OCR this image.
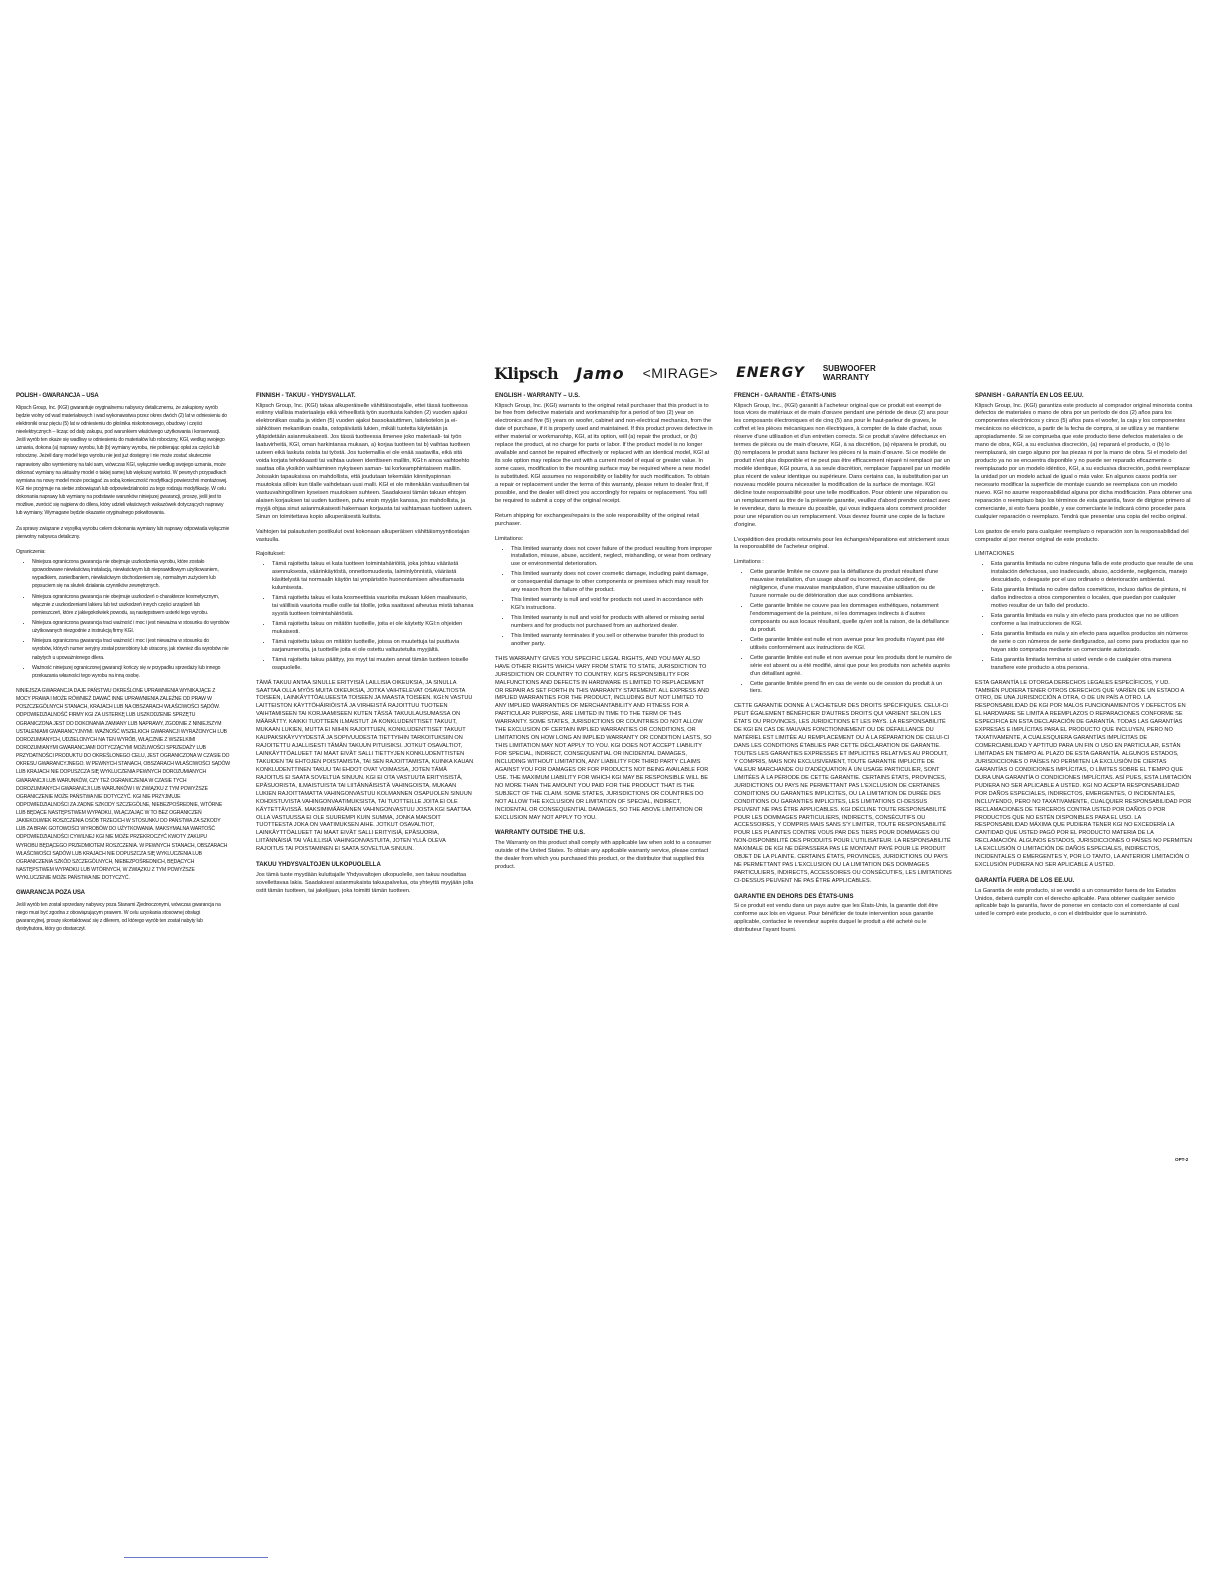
Klipsch Jamo <MIRAGE> ENERGY SUBWOOFER WARRANTY
POLISH - GWARANCJA – USA

Klipsch Group, Inc. (KGI) gwarantuje oryginalnemu nabywcy detalicznemu, że zakupiony wyrób będzie wolny od wad materiałowych i wad wykonawstwa przez okres dwóch (2) lat w odniesieniu do elektroniki oraz pięciu (5) lat w odniesieniu do głośnika niskotonowego, obudowy i części nieelektrycznych – licząc od daty zakupu, pod warunkiem właściwego użytkowania i konserwacji. Jeśli wyrób ten okaże się wadliwy w odniesieniu do materiałów lub robocizny, KGI, według swojego uznania, dokona (a) naprawy wyrobu, lub (b) wymiany wyrobu, nie pobierając opłat za części lub robociznę. Jeżeli dany model tego wyrobu nie jest już dostępny i nie może zostać skutecznie naprawiony albo wymieniony na taki sam, wówczas KGI, wyłącznie według swojego uznania, może dokonać wymiany na aktualny model o takiej samej lub większej wartości. W pewnych przypadkach wymiana na nowy model może pociągać za sobą konieczność modyfikacji powierzchni montażowej. KGI nie przyjmuje na siebie zobowiązań lub odpowiedzialności za tego rodzaju modyfikację. W celu dokonania naprawy lub wymiany na podstawie warunków niniejszej gwarancji, proszę, jeśli jest to możliwe, zwrócić się najpierw do dilera, który udzieli właściwych wskazówek dotyczących naprawy lub wymiany. Wymagane będzie okazanie oryginalnego pokwitowania.

Za sprawy związane z wysyłką wyrobu celem dokonania wymiany lub naprawy odpowiada wyłącznie pierwotny nabywca detaliczny.

Ograniczenia:

• Niniejsza ograniczona gwarancja nie obejmuje uszkodzenia wyrobu, które zostało spowodowane niewłaściwą instalacją, niewłaściwym lub nieprawidłowym użytkowaniem, wypadkiem, zaniedbaniem, niewłaściwym obchodzeniem się, normalnym zużyciem lub popsuciem się na skutek działania czynników zewnętrznych.
• Niniejsza ograniczona gwarancja nie obejmuje uszkodzeń o charakterze kosmetycznym, włącznie z uszkodzeniami lakieru lub też uszkodzeń innych części urządzeń lub pomieszczeń, które z jakiegokolwiek powodu, są następstwem usterki tego wyrobu.
• Niniejsza ograniczona gwarancja traci ważność i moc i jest nieważna w stosunku do wyrobów użytkowanych niezgodnie z instrukcją firmy KGI.
• Niniejsza ograniczona gwarancja traci ważność i moc i jest nieważna w stosunku do wyrobów, których numer seryjny został przerobiony lub utracony, jak również dla wyrobów nie nabytych u upoważnionego dilera.
• Ważność niniejszej ograniczonej gwarancji kończy się w przypadku sprzedaży lub innego przekazania własności tego wyrobu na inną osobę.

NINIEJSZA GWARANCJA DAJE PAŃSTWU OKREŚLONE UPRAWNIENIA WYNIKAJĄCE Z MOCY PRAWA I MOŻE RÓWNIEŻ DAWAĆ INNE UPRAWNIENIA ZALEŻNE OD PRAW W POSZCZEGÓLNYCH STANACH, KRAJACH LUB NA OBSZARACH WŁAŚCIWOŚCI SĄDÓW. ODPOWIEDZIALNOŚĆ FIRMY KGI ZA USTERKĘ LUB USZKODZENIE SPRZĘTU OGRANICZONA JEST DO DOKONANIA ZAMIANY LUB NAPRAWY, ZGODNIE Z NINIEJSZYM USTALENIAMI GWARANCYJNYMI. WAŻNOŚĆ WSZELKICH GWARANCJI WYRAŻONYCH LUB DOROZUMIANYCH, UDZIELONYCH NA TEN WYRÓB, WŁĄCZNIE Z WSZELKIMI DOROZUMIANYMI GWARANCJAMI DOTYCZĄCYMI MOŻLIWOŚCI SPRZEDAŻY LUB PRZYDATNOŚCI PRODUKTU DO OKREŚLONEGO CELU, JEST OGRANICZONA W CZASIE DO OKRESU GWARANCYJNEGO. W PEWNYCH STANACH, OBSZARACH WŁAŚCIWOŚCI SĄDÓW LUB KRAJACH NIE DOPUSZCZA SIĘ WYKLUCZENIA PEWNYCH DOROZUMIANYCH GWARANCJI LUB WARUNKÓW, CZY TEŻ OGRANICZENIA W CZASIE TYCH DOROZUMIANYCH GWARANCJI LUB WARUNKÓW I W ZWIĄZKU Z TYM POWYŻSZE OGRANICZENIE MOŻE PAŃSTWA NIE DOTYCZYĆ. KGI NIE PRZYJMUJE ODPOWIEDZIALNOŚCI ZA ZADNE SZKODY SZCZEGÓLNE, NIEBEZPOŚREDNIE, WTÓRNE LUB BĘDĄCE NASTĘPSTWEM WYPADKU, WŁĄCZAJĄC W TO BEZ OGRANICZEŃ JAKIEKOLWIEK ROSZCZENIA OSÓB TRZECICH W STOSUNKU DO PAŃSTWA ZA SZKODY LUB ZA BRAK GOTOWOŚCI WYROBÓW DO UŻYTKOWANIA. MAKSYMALNA WARTOŚĆ ODPOWIEDZIALNOŚCI CYWILNEJ KGI NIE MOŻE PRZEKROCZYĆ KWOTY ZAKUPU WYROBU BĘDĄCEGO PRZEDMIOTEM ROSZCZENIA. W PEWNYCH STANACH, OBSZARACH WŁAŚCIWOŚCI SĄDÓW LUB KRAJACH NIE DOPUSZCZA SIĘ WYKLUCZENIA LUB OGRANICZENIA SZKÓD SZCZEGÓLNYCH, NIEBEZPOŚREDNICH, BĘDĄCYCH NASTĘPSTWEM WYPADKU LUB WTÓRNYCH, W ZWIĄZKU Z TYM POWYŻSZE WYKLUCZENIE MOŻE PAŃSTWA NIE DOTYCZYĆ.

GWARANCJA POZA USA

Jeśli wyrób ten został sprzedany nabywcy poza Stanami Zjednoczonymi, wówczas gwarancja na niego musi być zgodna z obowiązującym prawem. W celu uzyskania stosownej obsługi gwarancyjnej, proszę skontaktować się z dilerem, od którego wyrób ten został nabyty lub dystrybutora, który go dostarczył.

FINNISH - TAKUU - YHDYSVALLAT.

Klipsch Group, Inc. (KGI) takaa alkuperäiselle vähittäisostajalle, ettei tässä tuotteessa esiinny viallisia materiaaleja eikä virheellistä työn suoritusta kahden (2) vuoden ajaksi elektroniikan osalta ja viiden (5) vuoden ajaksi bassokaiuttimen, laitekotelon ja ei-sähköisen mekaniikan osalta, ostopäivästä lukien, mikäli tuotetta käytetään ja ylläpidetään asianmukaisesti. Jos tässä tuotteessa ilmenee joko materiaali- tai työn laatuvirheitä, KGI, oman harkintansa mukaan, a) korjaa tuotteen tai b) vaihtaa tuotteen uuteen eikä laskuta osista tai työstä. Jos tuotemallia ei ole enää saatavilla, eikä sitä voida korjata tehokkaasti tai vaihtaa uuteen identtiseen malliin, KGI:n ainoa vaihtoehto saattaa olla yksikön vaihtaminen nykyiseen saman- tai korkeamphintaiseen malliin. Joissakin tapauksissa on mahdollista, että joudutaan tekemään kiinnityspinnan muutoksia silloin kun tilalle vaihdetaan uusi malli. KGI ei ole mitenkään vastuullinen tai vastuuvahingollinen kyseisen muutoksen suhteen. Saadaksesi tämän takuun ehtojen alaisen korjauksen tai uuden tuotteen, puhu ensin myyjän kanssa, jos mahdollista, ja myyjä ohjaa sinut asianmukaisesti hakemaan korjausta tai vaihtamaan tuotteen uuteen. Sinun on toimitettava kopio alkuperäisestä kuitista.

Vaihtojen tai palautusten postikulut ovat kokonaan alkuperäisen vähittäismyyntiostajan vastuulla.

Rajoitukset:

• Tämä rajoitettu takuu ei kata tuotteen toimintahäiriöitä, joka johtuu väärästä asennuksesta, väärinkäytöstä, onnettomuudesta, laiminlyönnistä, väärästä käsittelystä tai normaalin käytön tai ympäristön huonontumisen aiheuttamasta kulumisesta.
• Tämä rajoitettu takuu ei kata kosmeettisia vaurioita mukaan lukien maalivaurio, tai välillisiä vaurioita muille osille tai tiloille, jotka saattavat aiheutua mistä tahansa syystä tuotteen toimintahäiriöstä.
• Tämä rajoitettu takuu on mitätön tuotteille, joita ei ole käytetty KGI:n ohjeiden mukaisesti.
• Tämä rajoitettu takuu on mitätön tuotteille, joissa on muutettuja tai puuttuvia sarjanumeroita, ja tuotteille joita ei ole ostettu valtuutetulta myyjältä.
• Tämä rajoitettu takuu päättyy, jos myyt tai muuten annat tämän tuotteen toiselle osapuolelle.

TÄMÄ TAKUU ANTAA SINULLE ERITYISIÄ LAILLISIA OIKEUKSIA, JA SINULLA SAATTAA OLLA MYÖS MUITA OIKEUKSIA, JOTKA VAIHTELEVAT OSAVALTIOSTA TOISEEN, LAINKÄYTTÖALUEESTA TOISEEN JA MAASTA TOISEEN. KGI:N VASTUU LAITTEISTON KÄYTTÖHÄIRIÖISTÄ JA VIRHEISTÄ RAJOITTUU TUOTEEN VAIHTAMISEEN TAI KORJAAMISEEN KUTEN TÄSSÄ TAKUULAUSUMASSA ON MÄÄRÄTTY. KAIKKI TUOTTEEN ILMAISTUT JA KONKLUDENTTISET TAKUUT, MUKAAN LUKIEN, MUTTA EI NIIHIN RAJOITTUEN, KONKLUDENTTISET TAKUUT KAUPAKSIKÄYVYYDESTÄ JA SOPIVUUDESTA TIETTYIHIN TARKOITUKSIIN ON RAJOITETTU AJALLISESTI TÄMÄN TAKUUN PITUISIKSI. JOTKUT OSAVALTIOT, LAINKÄYTTÖALUEET TAI MAAT EIVÄT SALLI TIETTYJEN KONKLUDENTTISTEN TAKUIDEN TAI EHTOJEN POISTAMISTA, TAI SEN RAJOITTAMISTA, KUINKA KAUAN KONKLUDENTTINEN TAKUU TAI EHDOT OVAT VOIMASSA, JOTEN TÄMÄ RAJOITUS EI SAATA SOVELTUA SINUUN. KGI EI OTA VASTUUTA ERITYISISTÄ, EPÄSUORISTA, ILMAISTUISTA TAI LIITÄNNÄISISTÄ VAHINGOISTA, MUKAAN LUKIEN RAJOITTAMATTA VAHINGONVASTUU KOLMANNEN OSAPUOLEN SINUUN KOHDISTUVISTA VAHINGONVAATIMUKSISTA, TAI TUOTTEILLE JOITA EI OLE KÄYTETTÄVISSÄ. MAKSIMIMÄÄRÄINEN VAHINGONVASTUU JOSTA KGI SAATTAA OLLA VASTUUSSA EI OLE SUUREMPI KUIN SUMMA, JONKA MAKSOIT TUOTTEESTA JOKA ON VAATIMUKSEN AIHE. JOTKUT OSAVALTIOT, LAINKÄYTTÖALUEET TAI MAAT EIVÄT SALLI ERITYISIÄ, EPÄSUORIA, LIITÄNNÄISIÄ TAI VÄLILLISIÄ VAHINGONVASTUITA, JOTEN YLLÄ OLEVA RAJOITUS TAI POISTAMINEN EI SAATA SOVELTUA SINUUN.

TAKUU YHDYSVALTOJEN ULKOPUOLELLA

Jos tämä tuote myydään kuluttajalle Yhdysvaltojen ulkopuolelle, sen takuu noudattaa sovellettavaa lakia. Saadaksesi asianmukaista takuupalvelua, ota yhteyttä myyjään jolta ostit tämän tuotteen, tai jakelijaan, joka toimitti tämän tuotteen.

ENGLISH - WARRANTY – U.S.

Klipsch Group, Inc. (KGI) warrants to the original retail purchaser that this product is to be free from defective materials and workmanship for a period of two (2) year on electronics and five (5) years on woofer, cabinet and non-electrical mechanics, from the date of purchase, if it is properly used and maintained. If this product proves defective in either material or workmanship, KGI, at its option, will (a) repair the product, or (b) replace the product, at no charge for parts or labor. If the product model is no longer available and cannot be repaired effectively or replaced with an identical model, KGI at its sole option may replace the unit with a current model of equal or greater value. In some cases, modification to the mounting surface may be required where a new model is substituted. KGI assumes no responsibility or liability for such modification. To obtain a repair or replacement under the terms of this warranty, please return to dealer first, if possible, and the dealer will direct you accordingly for repairs or replacement. You will be required to submit a copy of the original receipt.

Return shipping for exchanges/repairs is the sole responsibility of the original retail purchaser.

Limitations:

• This limited warranty does not cover failure of the product resulting from improper installation, misuse, abuse, accident, neglect, mishandling, or wear from ordinary use or environmental deterioration.
• This limited warranty does not cover cosmetic damage, including paint damage, or consequential damage to other components or premises which may result for any reason from the failure of the product.
• This limited warranty is null and void for products not used in accordance with KGI's instructions.
• This limited warranty is null and void for products with altered or missing serial numbers and for products not purchased from an authorized dealer.
• This limited warranty terminates if you sell or otherwise transfer this product to another party.

THIS WARRANTY GIVES YOU SPECIFIC LEGAL RIGHTS, AND YOU MAY ALSO HAVE OTHER RIGHTS WHICH VARY FROM STATE TO STATE, JURISDICTION TO JURISDICTION OR COUNTRY TO COUNTRY. KGI'S RESPONSIBILITY FOR MALFUNCTIONS AND DEFECTS IN HARDWARE IS LIMITED TO REPLACEMENT OR REPAIR AS SET FORTH IN THIS WARRANTY STATEMENT. ALL EXPRESS AND IMPLIED WARRANTIES FOR THE PRODUCT, INCLUDING BUT NOT LIMITED TO ANY IMPLIED WARRANTIES OF MERCHANTABILITY AND FITNESS FOR A PARTICULAR PURPOSE, ARE LIMITED IN TIME TO THE TERM OF THIS WARRANTY. SOME STATES, JURISDICTIONS OR COUNTRIES DO NOT ALLOW THE EXCLUSION OF CERTAIN IMPLIED WARRANTIES OR CONDITIONS, OR LIMITATIONS ON HOW LONG AN IMPLIED WARRANTY OR CONDITION LASTS, SO THIS LIMITATION MAY NOT APPLY TO YOU. KGI DOES NOT ACCEPT LIABILITY FOR SPECIAL, INDIRECT, CONSEQUENTIAL OR INCIDENTAL DAMAGES, INCLUDING WITHOUT LIMITATION, ANY LIABILITY FOR THIRD PARTY CLAIMS AGAINST YOU FOR DAMAGES OR FOR PRODUCTS NOT BEING AVAILABLE FOR USE. THE MAXIMUM LIABILITY FOR WHICH KGI MAY BE RESPONSIBLE WILL BE NO MORE THAN THE AMOUNT YOU PAID FOR THE PRODUCT THAT IS THE SUBJECT OF THE CLAIM. SOME STATES, JURISDICTIONS OR COUNTRIES DO NOT ALLOW THE EXCLUSION OR LIMITATION OF SPECIAL, INDIRECT, INCIDENTAL OR CONSEQUENTIAL DAMAGES, SO THE ABOVE LIMITATION OR EXCLUSION MAY NOT APPLY TO YOU.

WARRANTY OUTSIDE THE U.S.

The Warranty on this product shall comply with applicable law when sold to a consumer outside of the United States. To obtain any applicable warranty service, please contact the dealer from which you purchased this product, or the distributor that supplied this product.

FRENCH - GARANTIE - ÉTATS-UNIS

Klipsch Group, Inc., (KGI) garantit à l'acheteur original que ce produit est exempt de tous vices de matériaux et de main d'œuvre pendant une période de deux (2) ans pour les composants électroniques et de cinq (5) ans pour le haut-parleur de graves, le coffret et les pièces mécaniques non électriques, à compter de la date d'achat, sous réserve d'une utilisation et d'un entretien corrects. Si ce produit s'avère défectueux en termes de pièces ou de main d'œuvre, KGI, à sa discrétion, (a) réparera le produit, ou (b) remplacera le produit sans facturer les pièces ni la main d'œuvre. Si ce modèle de produit n'est plus disponible et ne peut pas être efficacement réparé ni remplacé par un modèle identique, KGI pourra, à sa seule discrétion, remplacer l'appareil par un modèle plus récent de valeur identique ou supérieure. Dans certains cas, la substitution par un nouveau modèle pourra nécessiter la modification de la surface de montage. KGI décline toute responsabilité pour une telle modification. Pour obtenir une réparation ou un remplacement au titre de la présente garantie, veuillez d'abord prendre contact avec le revendeur, dans la mesure du possible, qui vous indiquera alors comment procéder pour une réparation ou un remplacement. Vous devrez fournir une copie de la facture d'origine.

L'expédition des produits retournés pour les échanges/réparations est strictement sous la responsabilité de l'acheteur original.

Limitations :

• Cette garantie limitée ne couvre pas la défaillance du produit résultant d'une mauvaise installation, d'un usage abusif ou incorrect, d'un accident, de négligence, d'une mauvaise manipulation, d'une mauvaise utilisation ou de l'usure normale ou de détérioration due aux conditions ambiantes.
• Cette garantie limitée ne couvre pas les dommages esthétiques, notamment l'endommagement de la peinture, ni les dommages indirects à d'autres composants ou aux locaux résultant, quelle qu'en soit la raison, de la défaillance du produit.
• Cette garantie limitée est nulle et non avenue pour les produits n'ayant pas été utilisés conformément aux instructions de KGI.
• Cette garantie limitée est nulle et non avenue pour les produits dont le numéro de série est absent ou a été modifié, ainsi que pour les produits non achetés auprès d'un détaillant agréé.
• Cette garantie limitée prend fin en cas de vente ou de cession du produit à un tiers.

CETTE GARANTIE DONNE À L'ACHETEUR DES DROITS SPÉCIFIQUES. CELUI-CI PEUT ÉGALEMENT BÉNÉFICIER D'AUTRES DROITS QUI VARIENT SELON LES ÉTATS OU PROVINCES, LES JURIDICTIONS ET LES PAYS. LA RESPONSABILITÉ DE KGI EN CAS DE MAUVAIS FONCTIONNEMENT OU DE DÉFAILLANCE DU MATÉRIEL EST LIMITÉE AU REMPLACEMENT OU À LA RÉPARATION DE CELUI-CI DANS LES CONDITIONS ÉTABLIES PAR CETTE DÉCLARATION DE GARANTIE. TOUTES LES GARANTIES EXPRESSES ET IMPLICITES RELATIVES AU PRODUIT, Y COMPRIS, MAIS NON EXCLUSIVEMENT, TOUTE GARANTIE IMPLICITE DE VALEUR MARCHANDE OU D'ADÉQUATION À UN USAGE PARTICULIER, SONT LIMITÉES À LA PÉRIODE DE CETTE GARANTIE. CERTAINS ÉTATS, PROVINCES, JURIDICTIONS OU PAYS NE PERMETTANT PAS L'EXCLUSION DE CERTAINES CONDITIONS OU GARANTIES IMPLICITES, OU LA LIMITATION DE DURÉE DES CONDITIONS OU GARANTIES IMPLICITES, LES LIMITATIONS CI-DESSUS PEUVENT NE PAS ÊTRE APPLICABLES. KGI DÉCLINE TOUTE RESPONSABILITÉ POUR LES DOMMAGES PARTICULIERS, INDIRECTS, CONSÉCUTIFS OU ACCESSOIRES, Y COMPRIS MAIS SANS S'Y LIMITER, TOUTE RESPONSABILITÉ POUR LES PLAINTES CONTRE VOUS PAR DES TIERS POUR DOMMAGES OU NON-DISPONIBILITÉ DES PRODUITS POUR L'UTILISATEUR. LA RESPONSABILITÉ MAXIMALE DE KGI NE DÉPASSERA PAS LE MONTANT PAYÉ POUR LE PRODUIT OBJET DE LA PLAINTE. CERTAINS ÉTATS, PROVINCES, JURIDICTIONS OU PAYS NE PERMETTANT PAS L'EXCLUSION OU LA LIMITATION DES DOMMAGES PARTICULIERS, INDIRECTS, ACCESSOIRES OU CONSÉCUTIFS, LES LIMITATIONS CI-DESSUS PEUVENT NE PAS ÊTRE APPLICABLES.

GARANTIE EN DEHORS DES ÉTATS-UNIS

Si ce produit est vendu dans un pays autre que les États-Unis, la garantie doit être conforme aux lois en vigueur. Pour bénéficier de toute intervention sous garantie applicable, contactez le revendeur auprès duquel le produit a été acheté ou le distributeur l'ayant fourni.

SPANISH - GARANTÍA EN LOS EE.UU.

Klipsch Group, Inc. (KGI) garantiza este producto al comprador original minorista contra defectos de materiales o mano de obra por un período de dos (2) años para los componentes electrónicos y cinco (5) años para el woofer, la caja y los componentes mecánicos no eléctricos, a partir de la fecha de compra, si se utiliza y se mantiene apropiadamente. Si se comprueba que este producto tiene defectos materiales o de mano de obra, KGI, a su exclusiva discreción, (a) reparará el producto, o (b) lo reemplazará, sin cargo alguno por las piezas ni por la mano de obra. Si el modelo del producto ya no se encuentra disponible y no puede ser reparado eficazmente o reemplazado por un modelo idéntico, KGI, a su exclusiva discreción, podrá reemplazar la unidad por un modelo actual de igual o más valor. En algunos casos podría ser necesario modificar la superficie de montaje cuando se reemplaza con un modelo nuevo. KGI no asume responsabilidad alguna por dicha modificación. Para obtener una reparación o reemplazo bajo los términos de esta garantía, favor de dirigirse primero al comerciante, si esto fuera posible, y ese comerciante le indicará cómo proceder para cualquier reparación o reemplazo. Tendrá que presentar una copia del recibo original.

Los gastos de envío para cualquier reemplazo o reparación son la responsabilidad del comprador al por menor original de este producto.

LIMITACIONES

• Esta garantía limitada no cubre ninguna falla de este producto que resulte de una instalación defectuosa, uso inadecuado, abuso, accidente, negligencia, manejo descuidado, o desgaste por el uso ordinario o deterioración ambiental.
• Esta garantía limitada no cubre daños cosméticos, incluso daños de pintura, ni daños indirectos a otros componentes o locales, que puedan por cualquier motivo resultar de un fallo del producto.
• Esta garantía limitada es nula y sin efecto para productos que no se utilicen conforme a las instrucciones de KGI.
• Esta garantía limitada es nula y sin efecto para aquellos productos sin números de serie o con números de serie desfigurados, así como para productos que no hayan sido comprados mediante un comerciante autorizado.
• Esta garantía limitada termina si usted vende o de cualquier otra manera transfiere este producto a otra persona.

ESTA GARANTÍA LE OTORGA DERECHOS LEGALES ESPECÍFICOS, Y UD. TAMBIÉN PUDIERA TENER OTROS DERECHOS QUE VARÍEN DE UN ESTADO A OTRO, DE UNA JURISDICCIÓN A OTRA, O DE UN PAÍS A OTRO. LA RESPONSABILIDAD DE KGI POR MALOS FUNCIONAMIENTOS Y DEFECTOS EN EL HARDWARE SE LIMITA A REEMPLAZOS O REPARACIONES CONFORME SE ESPECIFICA EN ESTA DECLARACIÓN DE GARANTÍA. TODAS LAS GARANTÍAS EXPRESAS E IMPLÍCITAS PARA EL PRODUCTO QUE INCLUYEN, PERO NO TAXATIVAMENTE, A CUALESQUIERA GARANTÍAS IMPLÍCITAS DE COMERCIABILIDAD Y APTITUD PARA UN FIN O USO EN PARTICULAR, ESTÁN LIMITADAS EN TIEMPO AL PLAZO DE ESTA GARANTÍA. ALGUNOS ESTADOS, JURISDICCIONES O PAÍSES NO PERMITEN LA EXCLUSIÓN DE CIERTAS GARANTÍAS O CONDICIONES IMPLÍCITAS, O LÍMITES SOBRE EL TIEMPO QUE DURA UNA GARANTÍA O CONDICIONES IMPLÍCITAS. ASÍ PUES, ESTA LIMITACIÓN PUDIERA NO SER APLICABLE A USTED. KGI NO ACEPTA RESPONSABILIDAD POR DAÑOS ESPECIALES, INDIRECTOS, EMERGENTES, O INCIDENTALES, INCLUYENDO, PERO NO TAXATIVAMENTE, CUALQUIER RESPONSABILIDAD POR RECLAMACIONES DE TERCEROS CONTRA USTED POR DAÑOS O POR PRODUCTOS QUE NO ESTÉN DISPONIBLES PARA EL USO. LA RESPONSABILIDAD MÁXIMA QUE PUDIERA TENER KGI NO EXCEDERÍA LA CANTIDAD QUE USTED PAGÓ POR EL PRODUCTO MATERIA DE LA RECLAMACIÓN. ALGUNOS ESTADOS, JURISDICCIONES O PAÍSES NO PERMITEN LA EXCLUSIÓN O LIMITACIÓN DE DAÑOS ESPECIALES, INDIRECTOS, INCIDENTALES O EMERGENTES Y, POR LO TANTO, LA ANTERIOR LIMITACIÓN O EXCLUSIÓN PUDIERA NO SER APLICABLE A USTED.

GARANTÍA FUERA DE LOS EE.UU.

La Garantía de este producto, si se vendió a un consumidor fuera de los Estados Unidos, deberá cumplir con el derecho aplicable. Para obtener cualquier servicio aplicable bajo la garantía, favor de ponerse en contacto con el comerciante al cual usted le compró este producto, o con el distribuidor que lo suministró.

OPT-2
